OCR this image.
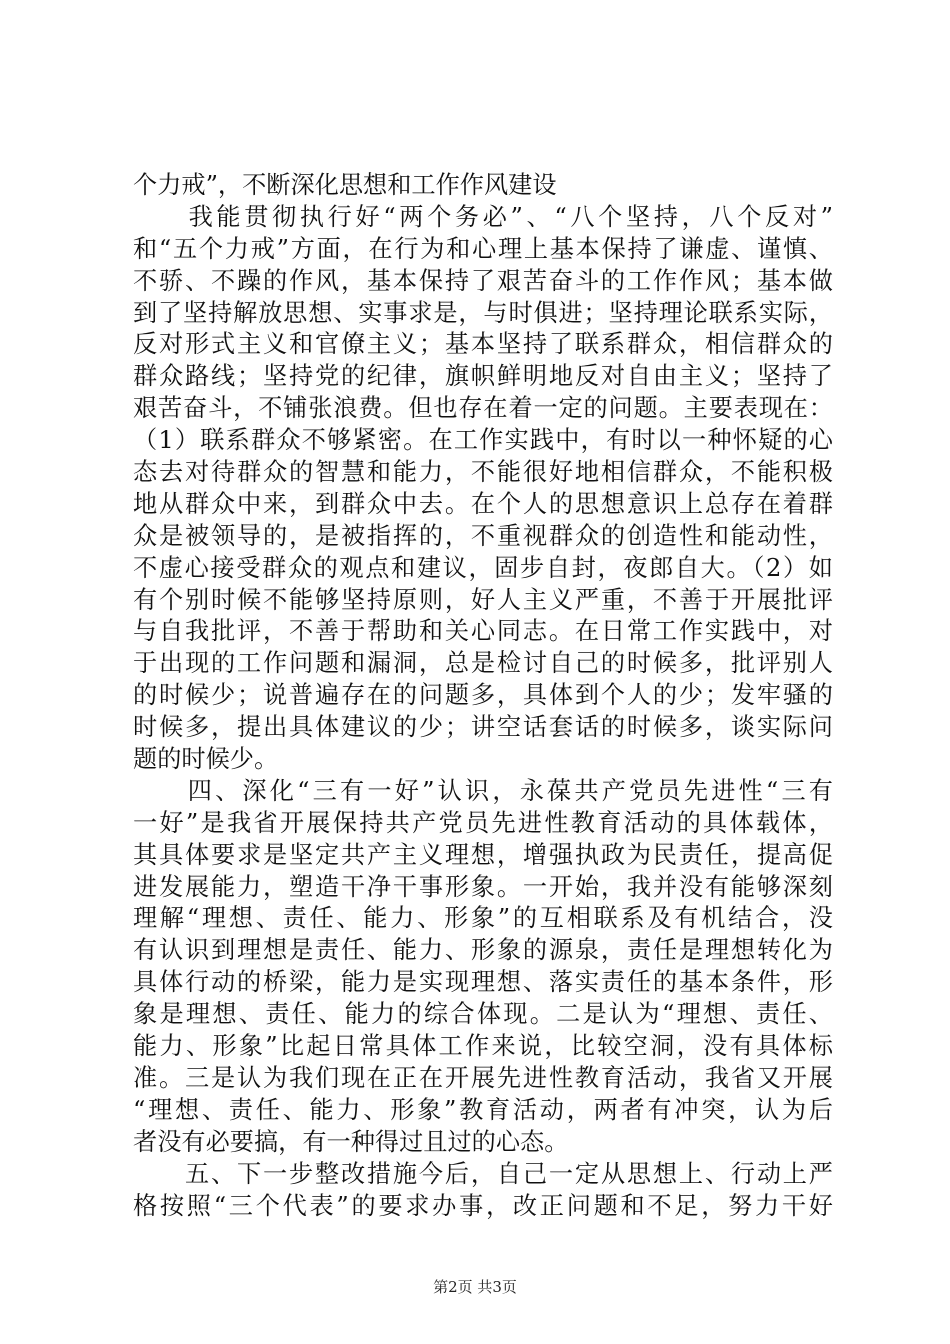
个力戒”，不断深化思想和工作作风建设
　　我能贯彻执行好“两个务必”、“八个坚持，八个反对”
和“五个力戒”方面，在行为和心理上基本保持了谦虚、谨慎、
不骄、不躁的作风，基本保持了艰苦奋斗的工作作风；基本做
到了坚持解放思想、实事求是，与时俱进；坚持理论联系实际，
反对形式主义和官僚主义；基本坚持了联系群众，相信群众的
群众路线；坚持党的纪律，旗帜鲜明地反对自由主义；坚持了
艰苦奋斗，不铺张浪费。但也存在着一定的问题。主要表现在：
（1）联系群众不够紧密。在工作实践中，有时以一种怀疑的心
态去对待群众的智慧和能力，不能很好地相信群众，不能积极
地从群众中来，到群众中去。在个人的思想意识上总存在着群
众是被领导的，是被指挥的，不重视群众的创造性和能动性，
不虚心接受群众的观点和建议，固步自封，夜郎自大。（2）如
有个别时候不能够坚持原则，好人主义严重，不善于开展批评
与自我批评，不善于帮助和关心同志。在日常工作实践中，对
于出现的工作问题和漏洞，总是检讨自己的时候多，批评别人
的时候少；说普遍存在的问题多，具体到个人的少；发牢骚的
时候多，提出具体建议的少；讲空话套话的时候多，谈实际问
题的时候少。
　　四、深化“三有一好”认识，永葆共产党员先进性“三有
一好”是我省开展保持共产党员先进性教育活动的具体载体，
其具体要求是坚定共产主义理想，增强执政为民责任，提高促
进发展能力，塑造干净干事形象。一开始，我并没有能够深刻
理解“理想、责任、能力、形象”的互相联系及有机结合，没
有认识到理想是责任、能力、形象的源泉，责任是理想转化为
具体行动的桥梁，能力是实现理想、落实责任的基本条件，形
象是理想、责任、能力的综合体现。二是认为“理想、责任、
能力、形象”比起日常具体工作来说，比较空洞，没有具体标
准。三是认为我们现在正在开展先进性教育活动，我省又开展
“理想、责任、能力、形象”教育活动，两者有冲突，认为后
者没有必要搞，有一种得过且过的心态。
　　五、下一步整改措施今后，自己一定从思想上、行动上严
格按照“三个代表”的要求办事，改正问题和不足，努力干好
第2页 共3页
